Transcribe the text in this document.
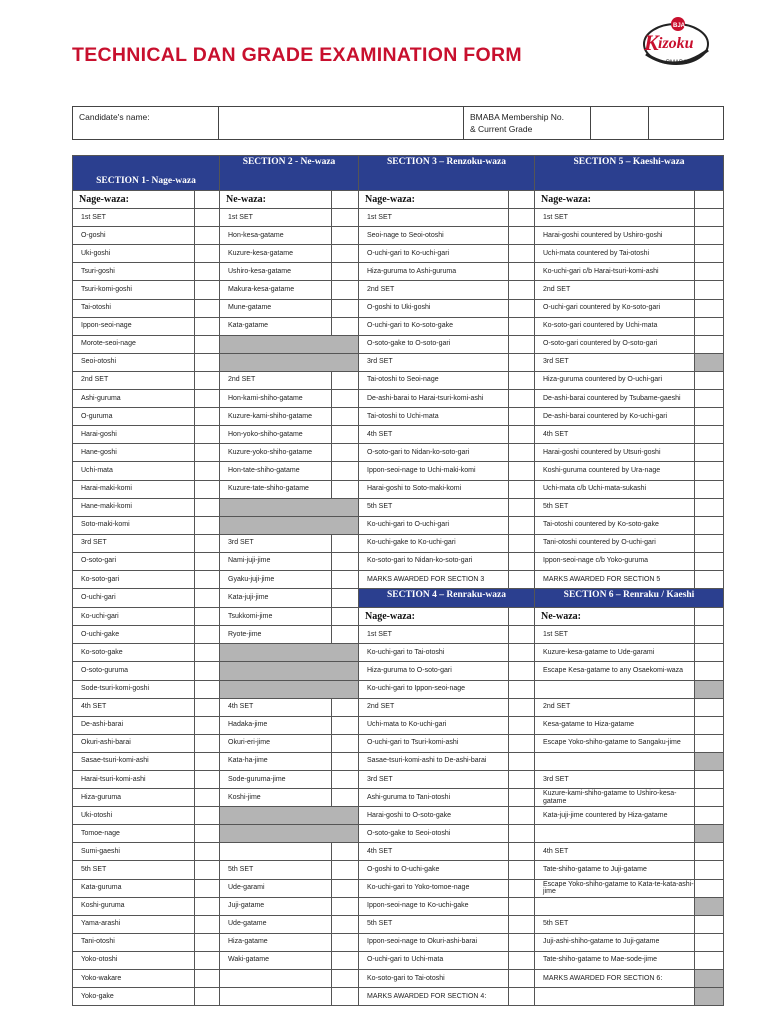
TECHNICAL DAN GRADE EXAMINATION FORM	K izoku
BJA
BMABA
Candidate's name:		BMABA Membership No.
& Current Grade		
SECTION 1- Nage-waza		SECTION 2 - Ne-waza		SECTION 3 – Renzoku-waza		SECTION 5 – Kaeshi-waza	
Nage-waza:		Ne-waza:		Nage-waza:		Nage-waza:	
1st SET		1st SET		1st SET		1st SET	
O-goshi		Hon-kesa-gatame		Seoi-nage to Seoi-otoshi		Harai-goshi countered by Ushiro-goshi	
Uki-goshi		Kuzure-kesa-gatame		O-uchi-gari to Ko-uchi-gari		Uchi-mata countered by Tai-otoshi	
Tsuri-goshi		Ushiro-kesa-gatame		Hiza-guruma to Ashi-guruma		Ko-uchi-gari c/b Harai-tsuri-komi-ashi	
Tsuri-komi-goshi		Makura-kesa-gatame		2nd SET		2nd SET	
Tai-otoshi		Mune-gatame		O-goshi to Uki-goshi		O-uchi-gari countered by Ko-soto-gari	
Ippon-seoi-nage		Kata-gatame		O-uchi-gari to Ko-soto-gake		Ko-soto-gari countered by Uchi-mata	
Morote-seoi-nage				O-soto-gake to O-soto-gari		O-soto-gari countered by O-soto-gari	
Seoi-otoshi				3rd SET		3rd SET	
2nd SET		2nd SET		Tai-otoshi to Seoi-nage		Hiza-guruma countered by O-uchi-gari	
Ashi-guruma		Hon-kami-shiho-gatame		De-ashi-barai to Harai-tsuri-komi-ashi		De-ashi-barai countered by Tsubame-gaeshi	
O-guruma		Kuzure-kami-shiho-gatame		Tai-otoshi to Uchi-mata		De-ashi-barai countered by Ko-uchi-gari	
Harai-goshi		Hon-yoko-shiho-gatame		4th SET		4th SET	
Hane-goshi		Kuzure-yoko-shiho-gatame		O-soto-gari to Nidan-ko-soto-gari		Harai-goshi countered by Utsuri-goshi	
Uchi-mata		Hon-tate-shiho-gatame		Ippon-seoi-nage to Uchi-maki-komi		Koshi-guruma countered by Ura-nage	
Harai-maki-komi		Kuzure-tate-shiho-gatame		Harai-goshi to Soto-maki-komi		Uchi-mata c/b Uchi-mata-sukashi	
Hane-maki-komi				5th SET		5th SET	
Soto-maki-komi				Ko-uchi-gari to O-uchi-gari		Tai-otoshi countered by Ko-soto-gake	
3rd SET		3rd SET		Ko-uchi-gake to Ko-uchi-gari		Tani-otoshi countered by O-uchi-gari	
O-soto-gari		Nami-juji-jime		Ko-soto-gari to Nidan-ko-soto-gari		Ippon-seoi-nage c/b Yoko-guruma	
Ko-soto-gari		Gyaku-juji-jime		MARKS AWARDED FOR SECTION 3		MARKS AWARDED FOR SECTION 5	
O-uchi-gari		Kata-juji-jime		SECTION 4 – Renraku-waza		SECTION 6 – Renraku / Kaeshi	
Ko-uchi-gari		Tsukkomi-jime		Nage-waza:		Ne-waza:	
O-uchi-gake		Ryote-jime		1st SET		1st SET	
Ko-soto-gake				Ko-uchi-gari to Tai-otoshi		Kuzure-kesa-gatame to Ude-garami	
O-soto-guruma				Hiza-guruma to O-soto-gari		Escape Kesa-gatame to any Osaekomi-waza	
Sode-tsuri-komi-goshi				Ko-uchi-gari to Ippon-seoi-nage			
4th SET		4th SET		2nd SET		2nd SET	
De-ashi-barai		Hadaka-jime		Uchi-mata to Ko-uchi-gari		Kesa-gatame to Hiza-gatame	
Okuri-ashi-barai		Okuri-eri-jime		O-uchi-gari to Tsuri-komi-ashi		Escape Yoko-shiho-gatame to Sangaku-jime	
Sasae-tsuri-komi-ashi		Kata-ha-jime		Sasae-tsuri-komi-ashi to De-ashi-barai			
Harai-tsuri-komi-ashi		Sode-guruma-jime		3rd SET		3rd SET	
Hiza-guruma		Koshi-jime		Ashi-guruma to Tani-otoshi		Kuzure-kami-shiho-gatame to Ushiro-kesa-gatame	
Uki-otoshi				Harai-goshi to O-soto-gake		Kata-juji-jime countered by Hiza-gatame	
Tomoe-nage				O-soto-gake to Seoi-otoshi			
Sumi-gaeshi				4th SET		4th SET	
5th SET		5th SET		O-goshi to O-uchi-gake		Tate-shiho-gatame to Juji-gatame	
Kata-guruma		Ude-garami		Ko-uchi-gari to Yoko-tomoe-nage		Escape Yoko-shiho-gatame to Kata-te-kata-ashi-jime	
Koshi-guruma		Juji-gatame		Ippon-seoi-nage to Ko-uchi-gake			
Yama-arashi		Ude-gatame		5th SET		5th SET	
Tani-otoshi		Hiza-gatame		Ippon-seoi-nage to Okuri-ashi-barai		Juji-ashi-shiho-gatame to Juji-gatame	
Yoko-otoshi		Waki-gatame		O-uchi-gari to Uchi-mata		Tate-shiho-gatame to Mae-sode-jime	
Yoko-wakare				Ko-soto-gari to Tai-otoshi		MARKS AWARDED FOR SECTION 6:	
Yoko-gake				MARKS AWARDED FOR SECTION 4:			
